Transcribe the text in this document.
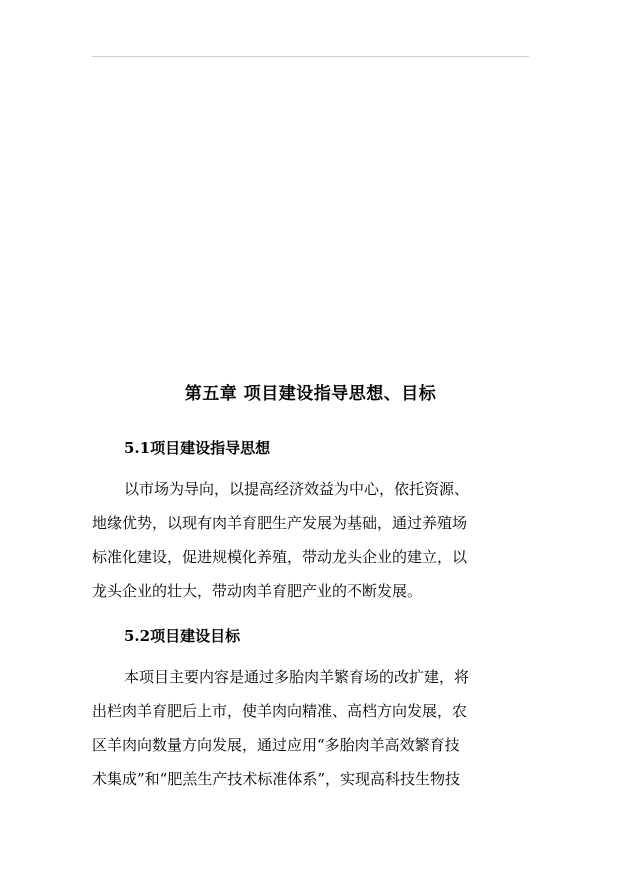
第五章 项目建设指导思想、目标
5.1项目建设指导思想
以市场为导向，以提高经济效益为中心，依托资源、
地缘优势，以现有肉羊育肥生产发展为基础，通过养殖场
标准化建设，促进规模化养殖，带动龙头企业的建立，以
龙头企业的壮大，带动肉羊育肥产业的不断发展。
5.2项目建设目标
本项目主要内容是通过多胎肉羊繁育场的改扩建，将
出栏肉羊育肥后上市，使羊肉向精准、高档方向发展，农
区羊肉向数量方向发展，通过应用“多胎肉羊高效繁育技
术集成”和“肥羔生产技术标准体系”，实现高科技生物技
